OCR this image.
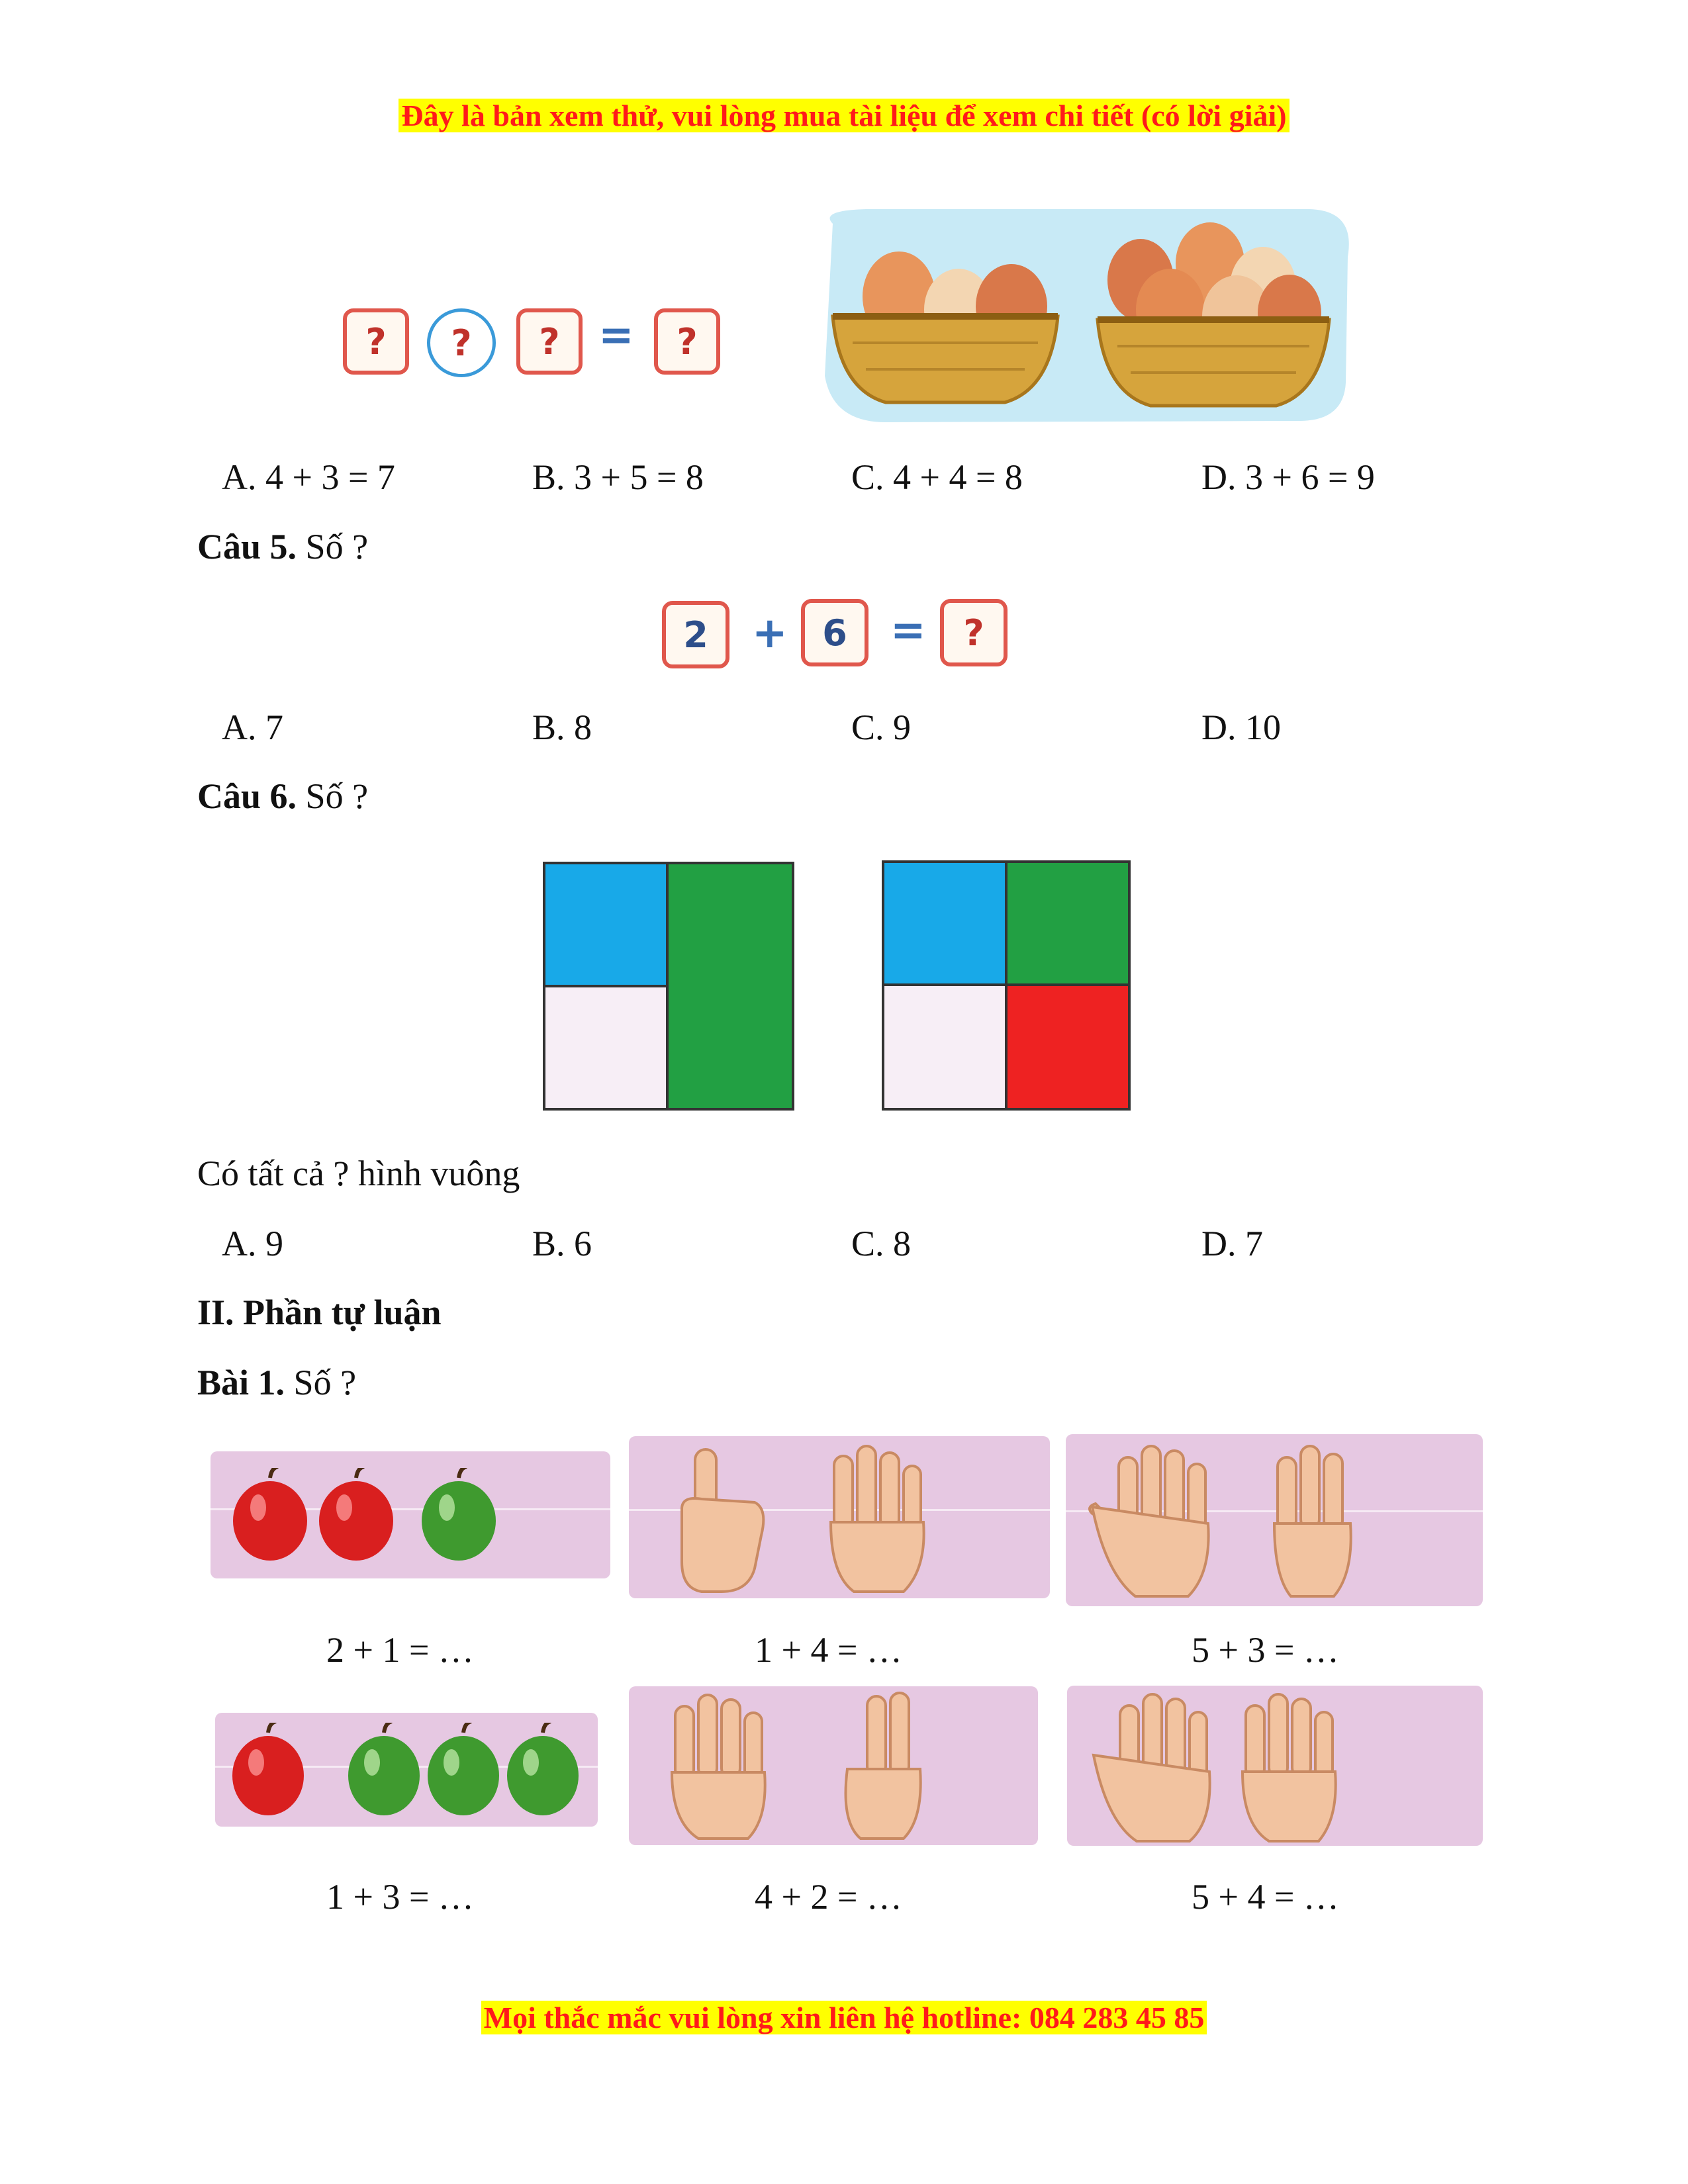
Đây là bản xem thử, vui lòng mua tài liệu để xem chi tiết (có lời giải)
?	?	? =	?
A. 4 + 3 = 7	B. 3 + 5 = 8	C. 4 + 4 = 8	D. 3 + 6 = 9
Câu 5. Số ?
2	+ 6	=	?
A. 7	B. 8	C. 9	D. 10
Câu 6. Số ?
Có tất cả ? hình vuông
A. 9	B. 6	C. 8	D. 7
II. Phần tự luận
Bài 1. Số ?
2 + 1 = …	1 + 4 = …	5 + 3 = …
1 + 3 = …	4 + 2 = …	5 + 4 = …
Mọi thắc mắc vui lòng xin liên hệ hotline: 084 283 45 85
